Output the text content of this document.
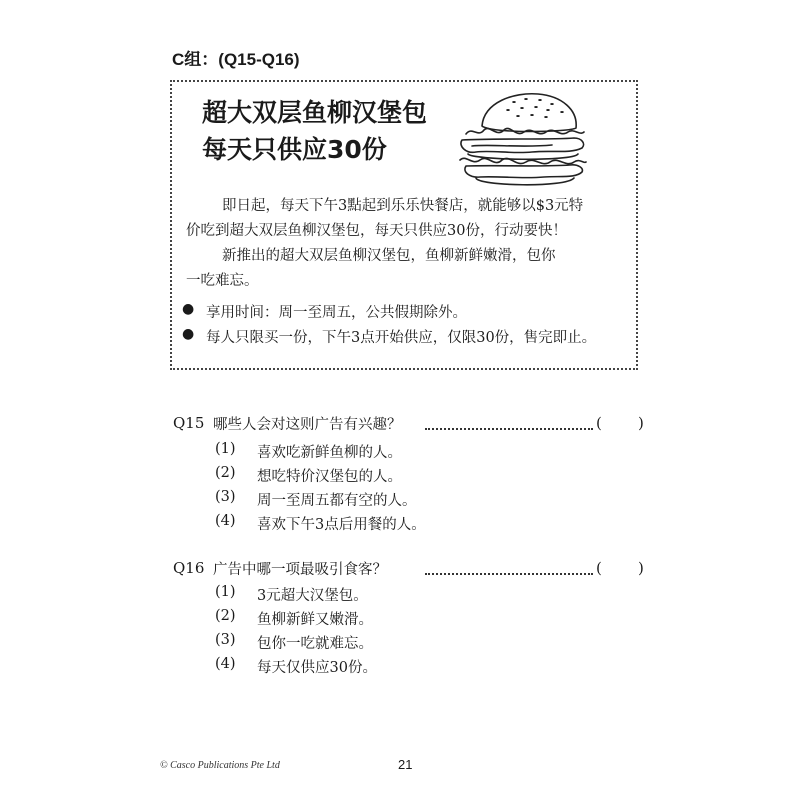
C组：(Q15-Q16)
超大双层鱼柳汉堡包
每天只供应30份
即日起，每天下午3點起到乐乐快餐店，就能够以$3元特
价吃到超大双层鱼柳汉堡包，每天只供应30份，行动要快！
新推出的超大双层鱼柳汉堡包，鱼柳新鲜嫩滑，包你
一吃难忘。
● 享用时间：周一至周五，公共假期除外。
● 每人只限买一份，下午3点开始供应，仅限30份，售完即止。
Q15 哪些人会对这则广告有兴趣？	( )
(1) 喜欢吃新鲜鱼柳的人。
(2) 想吃特价汉堡包的人。
(3) 周一至周五都有空的人。
(4) 喜欢下午3点后用餐的人。
Q16 广告中哪一项最吸引食客？	( )
(1) 3元超大汉堡包。
(2) 鱼柳新鲜又嫩滑。
(3) 包你一吃就难忘。
(4) 每天仅供应30份。
© Casco Publications Pte Ltd	21
